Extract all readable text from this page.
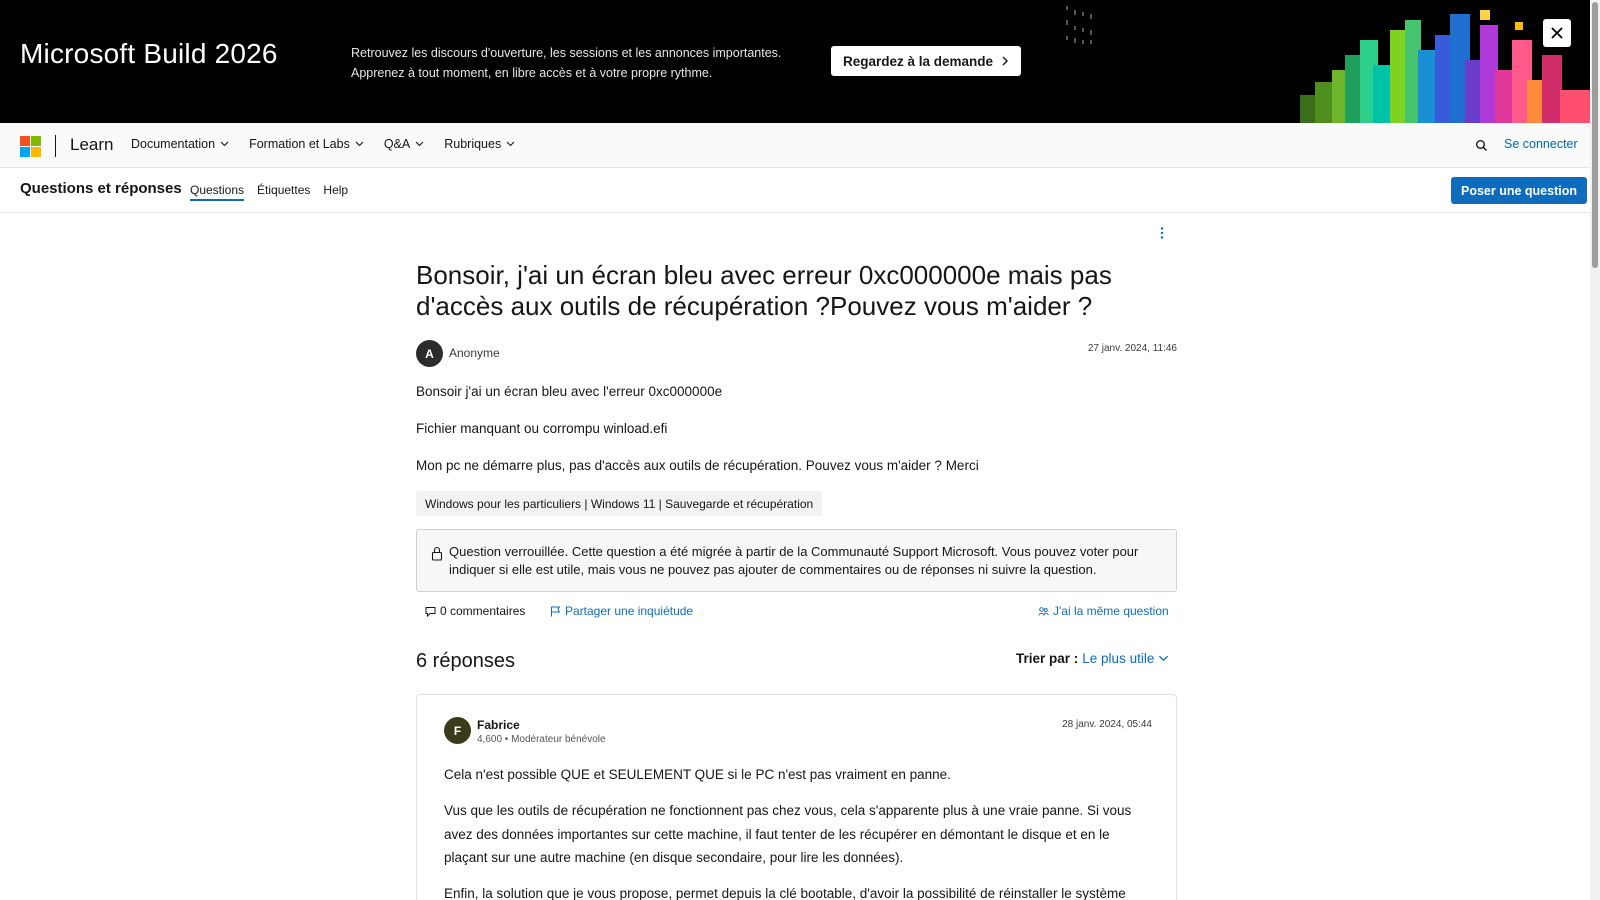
Microsoft Build 2026	Retrouvez les discours d'ouverture, les sessions et les annonces importantes.
Apprenez à tout moment, en libre accès et à votre propre rythme.
Regardez à la demande
Learn Documentation	Formation et Labs	Q&A	Rubriques	Se connecter
Questions et réponses Questions Étiquettes Help	Poser une question
Bonsoir, j'ai un écran bleu avec erreur 0xc000000e mais pas d'accès aux outils de récupération ?Pouvez vous m'aider ?
A	Anonyme	27 janv. 2024, 11:46

Bonsoir j'ai un écran bleu avec l'erreur 0xc000000e

Fichier manquant ou corrompu winload.efi

Mon pc ne démarre plus, pas d'accès aux outils de récupération. Pouvez vous m'aider ? Merci

Windows pour les particuliers | Windows 11 | Sauvegarde et récupération
Question verrouillée. Cette question a été migrée à partir de la Communauté Support Microsoft. Vous pouvez voter pour indiquer si elle est utile, mais vous ne pouvez pas ajouter de commentaires ou de réponses ni suivre la question.
0 commentaires	Partager une inquiétude	J'ai la même question
6 réponses	Trier par : Le plus utile
F	Fabrice
4,600 • Modérateur bénévole
28 janv. 2024, 05:44

Cela n'est possible QUE et SEULEMENT QUE si le PC n'est pas vraiment en panne.

Vus que les outils de récupération ne fonctionnent pas chez vous, cela s'apparente plus à une vraie panne. Si vous avez des données importantes sur cette machine, il faut tenter de les récupérer en démontant le disque et en le plaçant sur une autre machine (en disque secondaire, pour lire les données).

Enfin, la solution que je vous propose, permet depuis la clé bootable, d'avoir la possibilité de réinstaller le système
